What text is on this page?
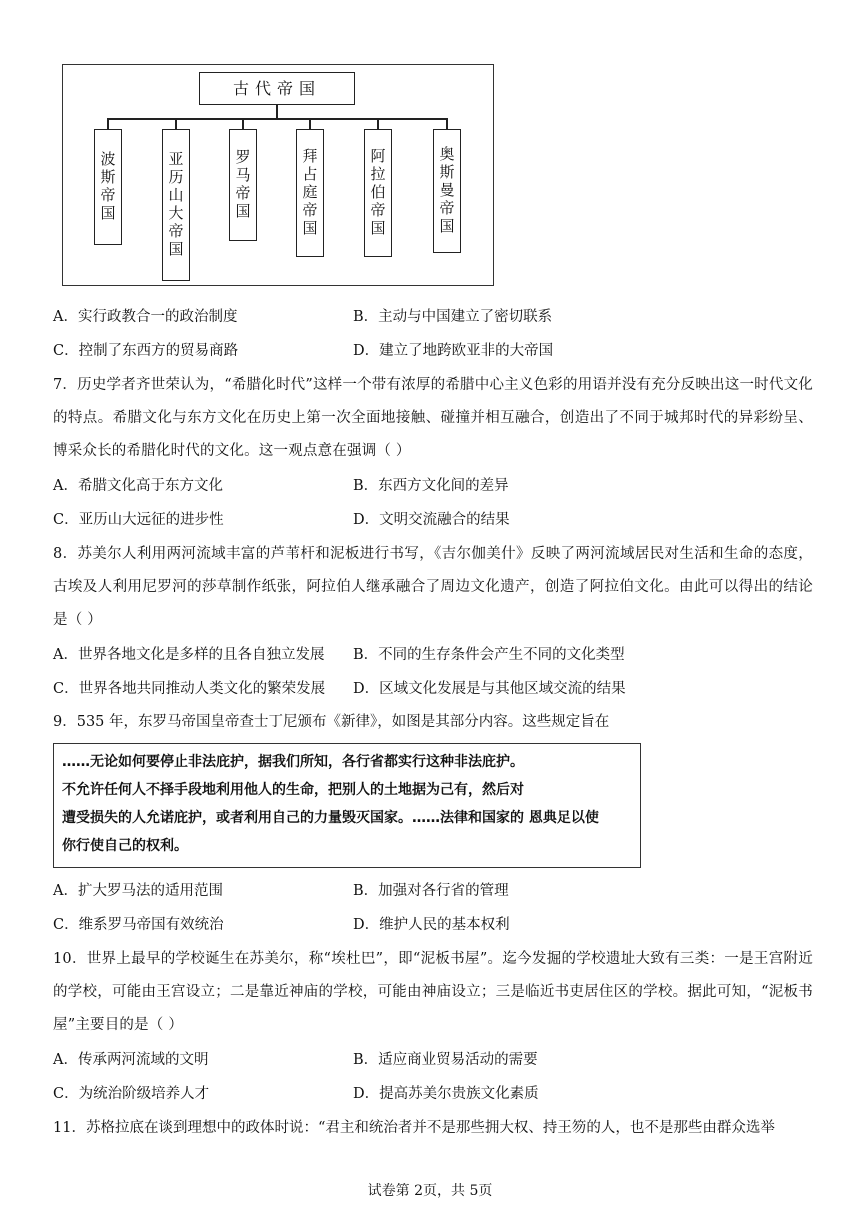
古代帝国
波斯帝国	亚历山大帝国	罗马帝国	拜占庭帝国	阿拉伯帝国	奥斯曼帝国
A．实行政教合一的政治制度	B．主动与中国建立了密切联系
C．控制了东西方的贸易商路	D．建立了地跨欧亚非的大帝国
7．历史学者齐世荣认为，“希腊化时代”这样一个带有浓厚的希腊中心主义色彩的用语并没有充分反映出这一时代文化的特点。希腊文化与东方文化在历史上第一次全面地接触、碰撞并相互融合，创造出了不同于城邦时代的异彩纷呈、博采众长的希腊化时代的文化。这一观点意在强调（ ）
A．希腊文化高于东方文化	B．东西方文化间的差异
C．亚历山大远征的进步性	D．文明交流融合的结果
8．苏美尔人利用两河流域丰富的芦苇杆和泥板进行书写，《吉尔伽美什》反映了两河流域居民对生活和生命的态度，古埃及人利用尼罗河的莎草制作纸张，阿拉伯人继承融合了周边文化遗产，创造了阿拉伯文化。由此可以得出的结论是（ ）
A．世界各地文化是多样的且各自独立发展 B．不同的生存条件会产生不同的文化类型
C．世界各地共同推动人类文化的繁荣发展 D．区域文化发展是与其他区域交流的结果
9．535 年，东罗马帝国皇帝查士丁尼颁布《新律》，如图是其部分内容。这些规定旨在
……无论如何要停止非法庇护，据我们所知，各行省都实行这种非法庇护。
不允许任何人不择手段地利用他人的生命，把别人的土地据为己有，然后对
遭受损失的人允诺庇护，或者利用自己的力量毁灭国家。……法律和国家的 恩典足以使
你行使自己的权利。
A．扩大罗马法的适用范围	B．加强对各行省的管理
C．维系罗马帝国有效统治	D．维护人民的基本权利
10．世界上最早的学校诞生在苏美尔，称“埃杜巴”，即“泥板书屋”。迄今发掘的学校遗址大致有三类：一是王宫附近的学校，可能由王宫设立；二是靠近神庙的学校，可能由神庙设立；三是临近书吏居住区的学校。据此可知，“泥板书屋”主要目的是（ ）
A．传承两河流域的文明	B．适应商业贸易活动的需要
C．为统治阶级培养人才	D．提高苏美尔贵族文化素质
11．苏格拉底在谈到理想中的政体时说：“君主和统治者并不是那些拥大权、持王笏的人，也不是那些由群众选举
试卷第 2页，共 5页
